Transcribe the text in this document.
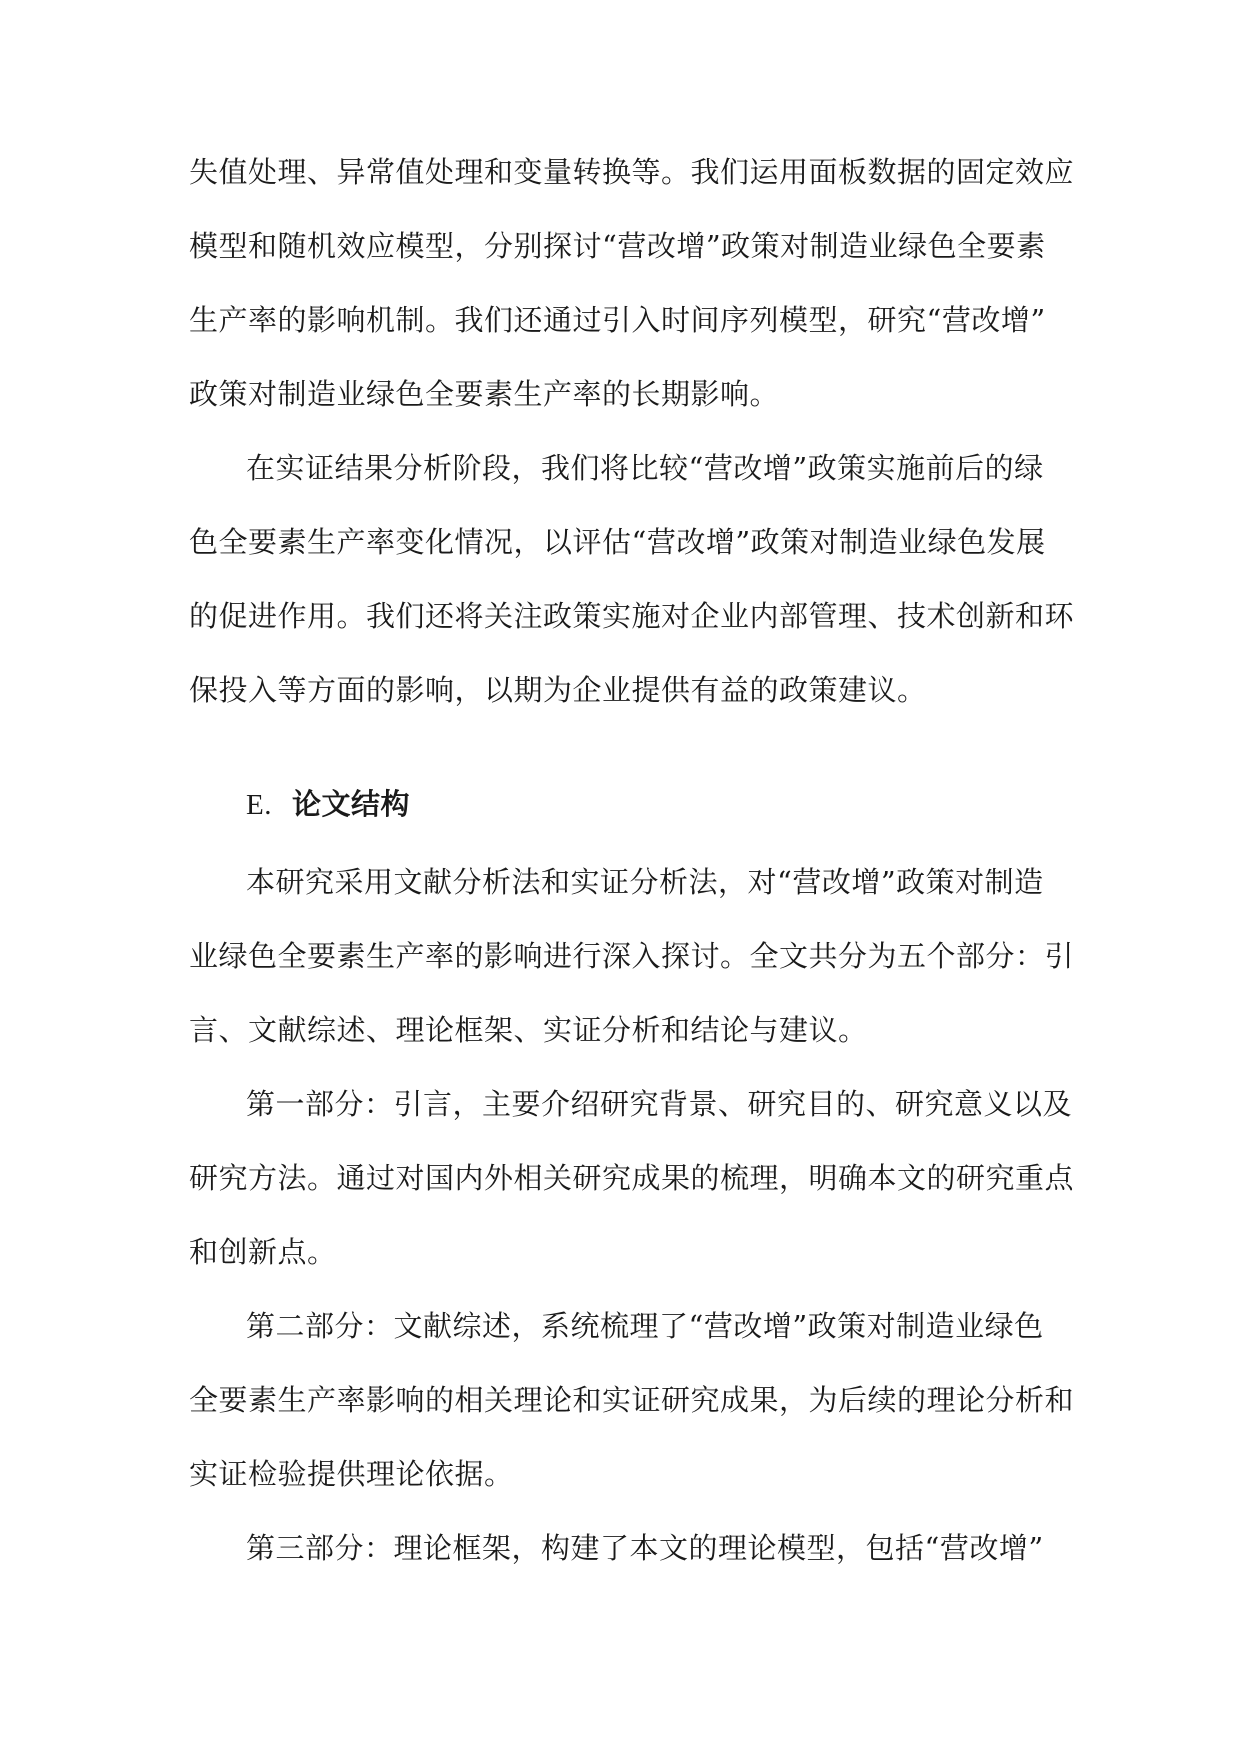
失值处理、异常值处理和变量转换等。我们运用面板数据的固定效应
模型和随机效应模型，分别探讨“营改增”政策对制造业绿色全要素
生产率的影响机制。我们还通过引入时间序列模型，研究“营改增”
政策对制造业绿色全要素生产率的长期影响。
在实证结果分析阶段，我们将比较“营改增”政策实施前后的绿
色全要素生产率变化情况，以评估“营改增”政策对制造业绿色发展
的促进作用。我们还将关注政策实施对企业内部管理、技术创新和环
保投入等方面的影响，以期为企业提供有益的政策建议。
E. 论文结构
本研究采用文献分析法和实证分析法，对“营改增”政策对制造
业绿色全要素生产率的影响进行深入探讨。全文共分为五个部分：引
言、文献综述、理论框架、实证分析和结论与建议。
第一部分：引言，主要介绍研究背景、研究目的、研究意义以及
研究方法。通过对国内外相关研究成果的梳理，明确本文的研究重点
和创新点。
第二部分：文献综述，系统梳理了“营改增”政策对制造业绿色
全要素生产率影响的相关理论和实证研究成果，为后续的理论分析和
实证检验提供理论依据。
第三部分：理论框架，构建了本文的理论模型，包括“营改增”
